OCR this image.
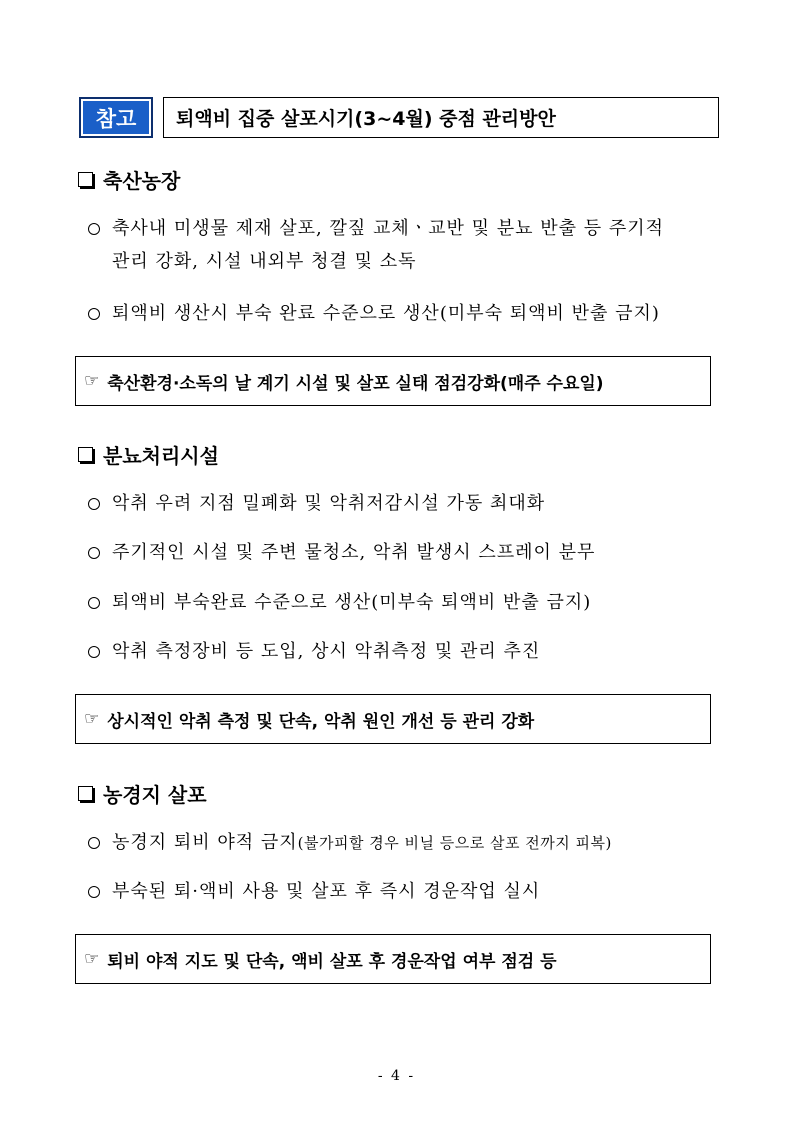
참고	퇴액비 집중 살포시기(3~4월) 중점 관리방안
축산농장
축사내 미생물 제재 살포, 깔짚 교체ㆍ교반 및 분뇨 반출 등 주기적
관리 강화, 시설 내외부 청결 및 소독
퇴액비 생산시 부숙 완료 수준으로 생산(미부숙 퇴액비 반출 금지)
☞ 축산환경·소독의 날 계기 시설 및 살포 실태 점검강화(매주 수요일)
분뇨처리시설
악취 우려 지점 밀폐화 및 악취저감시설 가동 최대화
주기적인 시설 및 주변 물청소, 악취 발생시 스프레이 분무
퇴액비 부숙완료 수준으로 생산(미부숙 퇴액비 반출 금지)
악취 측정장비 등 도입, 상시 악취측정 및 관리 추진
☞ 상시적인 악취 측정 및 단속, 악취 원인 개선 등 관리 강화
농경지 살포
농경지 퇴비 야적 금지(불가피할 경우 비닐 등으로 살포 전까지 피복)
부숙된 퇴·액비 사용 및 살포 후 즉시 경운작업 실시
☞ 퇴비 야적 지도 및 단속, 액비 살포 후 경운작업 여부 점검 등
- 4 -
